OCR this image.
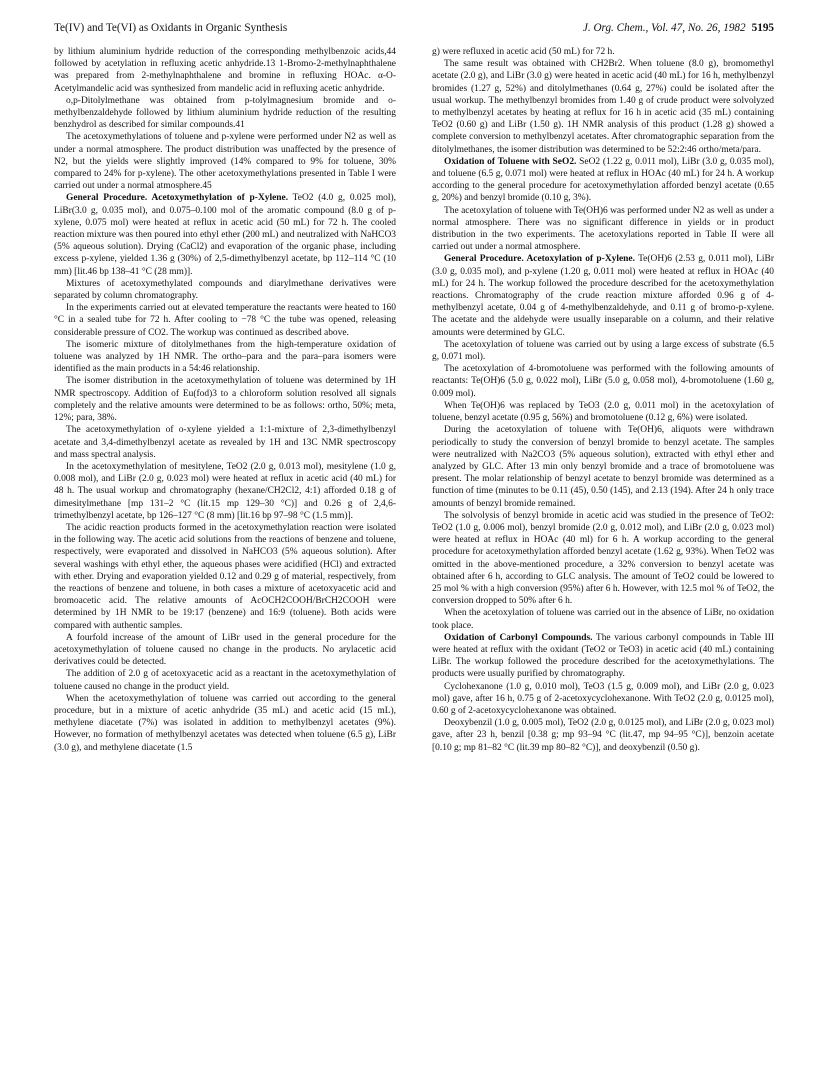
Te(IV) and Te(VI) as Oxidants in Organic Synthesis	J. Org. Chem., Vol. 47, No. 26, 1982 5195

by lithium aluminium hydride reduction of the corresponding methylbenzoic acids,44 followed by acetylation in refluxing acetic anhydride.13 1-Bromo-2-methylnaphthalene was prepared from 2-methylnaphthalene and bromine in refluxing HOAc. α-O-Acetylmandelic acid was synthesized from mandelic acid in refluxing acetic anhydride.

o,p-Ditolylmethane was obtained from p-tolylmagnesium bromide and o-methylbenzaldehyde followed by lithium aluminium hydride reduction of the resulting benzhydrol as described for similar compounds.41

The acetoxymethylations of toluene and p-xylene were performed under N2 as well as under a normal atmosphere. The product distribution was unaffected by the presence of N2, but the yields were slightly improved (14% compared to 9% for toluene, 30% compared to 24% for p-xylene). The other acetoxymethylations presented in Table I were carried out under a normal atmosphere.45

General Procedure. Acetoxymethylation of p-Xylene. TeO2 (4.0 g, 0.025 mol), LiBr(3.0 g, 0.035 mol), and 0.075–0.100 mol of the aromatic compound (8.0 g of p-xylene, 0.075 mol) were heated at reflux in acetic acid (50 mL) for 72 h. The cooled reaction mixture was then poured into ethyl ether (200 mL) and neutralized with NaHCO3 (5% aqueous solution). Drying (CaCl2) and evaporation of the organic phase, including excess p-xylene, yielded 1.36 g (30%) of 2,5-dimethylbenzyl acetate, bp 112–114 °C (10 mm) [lit.46 bp 138–41 °C (28 mm)].

Mixtures of acetoxymethylated compounds and diarylmethane derivatives were separated by column chromatography.

In the experiments carried out at elevated temperature the reactants were heated to 160 °C in a sealed tube for 72 h. After cooling to −78 °C the tube was opened, releasing considerable pressure of CO2. The workup was continued as described above.

The isomeric mixture of ditolylmethanes from the high-temperature oxidation of toluene was analyzed by 1H NMR. The ortho–para and the para–para isomers were identified as the main products in a 54:46 relationship.

The isomer distribution in the acetoxymethylation of toluene was determined by 1H NMR spectroscopy. Addition of Eu(fod)3 to a chloroform solution resolved all signals completely and the relative amounts were determined to be as follows: ortho, 50%; meta, 12%; para, 38%.

The acetoxymethylation of o-xylene yielded a 1:1-mixture of 2,3-dimethylbenzyl acetate and 3,4-dimethylbenzyl acetate as revealed by 1H and 13C NMR spectroscopy and mass spectral analysis.

In the acetoxymethylation of mesitylene, TeO2 (2.0 g, 0.013 mol), mesitylene (1.0 g, 0.008 mol), and LiBr (2.0 g, 0.023 mol) were heated at reflux in acetic acid (40 mL) for 48 h. The usual workup and chromatography (hexane/CH2Cl2, 4:1) afforded 0.18 g of dimesitylmethane [mp 131–2 °C (lit.15 mp 129–30 °C)] and 0.26 g of 2,4,6-trimethylbenzyl acetate, bp 126–127 °C (8 mm) [lit.16 bp 97–98 °C (1.5 mm)].

The acidic reaction products formed in the acetoxymethylation reaction were isolated in the following way. The acetic acid solutions from the reactions of benzene and toluene, respectively, were evaporated and dissolved in NaHCO3 (5% aqueous solution). After several washings with ethyl ether, the aqueous phases were acidified (HCl) and extracted with ether. Drying and evaporation yielded 0.12 and 0.29 g of material, respectively, from the reactions of benzene and toluene, in both cases a mixture of acetoxyacetic acid and bromoacetic acid. The relative amounts of AcOCH2COOH/BrCH2COOH were determined by 1H NMR to be 19:17 (benzene) and 16:9 (toluene). Both acids were compared with authentic samples.

A fourfold increase of the amount of LiBr used in the general procedure for the acetoxymethylation of toluene caused no change in the products. No arylacetic acid derivatives could be detected.

The addition of 2.0 g of acetoxyacetic acid as a reactant in the acetoxymethylation of toluene caused no change in the product yield.

When the acetoxymethylation of toluene was carried out according to the general procedure, but in a mixture of acetic anhydride (35 mL) and acetic acid (15 mL), methylene diacetate (7%) was isolated in addition to methylbenzyl acetates (9%). However, no formation of methylbenzyl acetates was detected when toluene (6.5 g), LiBr (3.0 g), and methylene diacetate (1.5

g) were refluxed in acetic acid (50 mL) for 72 h.

The same result was obtained with CH2Br2. When toluene (8.0 g), bromomethyl acetate (2.0 g), and LiBr (3.0 g) were heated in acetic acid (40 mL) for 16 h, methylbenzyl bromides (1.27 g, 52%) and ditolylmethanes (0.64 g, 27%) could be isolated after the usual workup. The methylbenzyl bromides from 1.40 g of crude product were solvolyzed to methylbenzyl acetates by heating at reflux for 16 h in acetic acid (35 mL) containing TeO2 (0.60 g) and LiBr (1.50 g). 1H NMR analysis of this product (1.28 g) showed a complete conversion to methylbenzyl acetates. After chromatographic separation from the ditolylmethanes, the isomer distribution was determined to be 52:2:46 ortho/meta/para.

Oxidation of Toluene with SeO2. SeO2 (1.22 g, 0.011 mol), LiBr (3.0 g, 0.035 mol), and toluene (6.5 g, 0.071 mol) were heated at reflux in HOAc (40 mL) for 24 h. A workup according to the general procedure for acetoxymethylation afforded benzyl acetate (0.65 g, 20%) and benzyl bromide (0.10 g, 3%).

The acetoxylation of toluene with Te(OH)6 was performed under N2 as well as under a normal atmosphere. There was no significant difference in yields or in product distribution in the two experiments. The acetoxylations reported in Table II were all carried out under a normal atmosphere.

General Procedure. Acetoxylation of p-Xylene. Te(OH)6 (2.53 g, 0.011 mol), LiBr (3.0 g, 0.035 mol), and p-xylene (1.20 g, 0.011 mol) were heated at reflux in HOAc (40 mL) for 24 h. The workup followed the procedure described for the acetoxymethylation reactions. Chromatography of the crude reaction mixture afforded 0.96 g of 4-methylbenzyl acetate, 0.04 g of 4-methylbenzaldehyde, and 0.11 g of bromo-p-xylene. The acetate and the aldehyde were usually inseparable on a column, and their relative amounts were determined by GLC.

The acetoxylation of toluene was carried out by using a large excess of substrate (6.5 g, 0.071 mol).

The acetoxylation of 4-bromotoluene was performed with the following amounts of reactants: Te(OH)6 (5.0 g, 0.022 mol), LiBr (5.0 g, 0.058 mol), 4-bromotoluene (1.60 g, 0.009 mol).

When Te(OH)6 was replaced by TeO3 (2.0 g, 0.011 mol) in the acetoxylation of toluene, benzyl acetate (0.95 g, 56%) and bromotoluene (0.12 g, 6%) were isolated.

During the acetoxylation of toluene with Te(OH)6, aliquots were withdrawn periodically to study the conversion of benzyl bromide to benzyl acetate. The samples were neutralized with Na2CO3 (5% aqueous solution), extracted with ethyl ether and analyzed by GLC. After 13 min only benzyl bromide and a trace of bromotoluene was present. The molar relationship of benzyl acetate to benzyl bromide was determined as a function of time (minutes to be 0.11 (45), 0.50 (145), and 2.13 (194). After 24 h only trace amounts of benzyl bromide remained.

The solvolysis of benzyl bromide in acetic acid was studied in the presence of TeO2: TeO2 (1.0 g, 0.006 mol), benzyl bromide (2.0 g, 0.012 mol), and LiBr (2.0 g, 0.023 mol) were heated at reflux in HOAc (40 ml) for 6 h. A workup according to the general procedure for acetoxymethylation afforded benzyl acetate (1.62 g, 93%). When TeO2 was omitted in the above-mentioned procedure, a 32% conversion to benzyl acetate was obtained after 6 h, according to GLC analysis. The amount of TeO2 could be lowered to 25 mol % with a high conversion (95%) after 6 h. However, with 12.5 mol % of TeO2, the conversion dropped to 50% after 6 h.

When the acetoxylation of toluene was carried out in the absence of LiBr, no oxidation took place.

Oxidation of Carbonyl Compounds. The various carbonyl compounds in Table III were heated at reflux with the oxidant (TeO2 or TeO3) in acetic acid (40 mL) containing LiBr. The workup followed the procedure described for the acetoxymethylations. The products were usually purified by chromatography.

Cyclohexanone (1.0 g, 0.010 mol), TeO3 (1.5 g, 0.009 mol), and LiBr (2.0 g, 0.023 mol) gave, after 16 h, 0.75 g of 2-acetoxycyclohexanone. With TeO2 (2.0 g, 0.0125 mol), 0.60 g of 2-acetoxycyclohexanone was obtained.

Deoxybenzil (1.0 g, 0.005 mol), TeO2 (2.0 g, 0.0125 mol), and LiBr (2.0 g, 0.023 mol) gave, after 23 h, benzil [0.38 g; mp 93–94 °C (lit.47, mp 94–95 °C)], benzoin acetate [0.10 g; mp 81–82 °C (lit.39 mp 80–82 °C)], and deoxybenzil (0.50 g).
